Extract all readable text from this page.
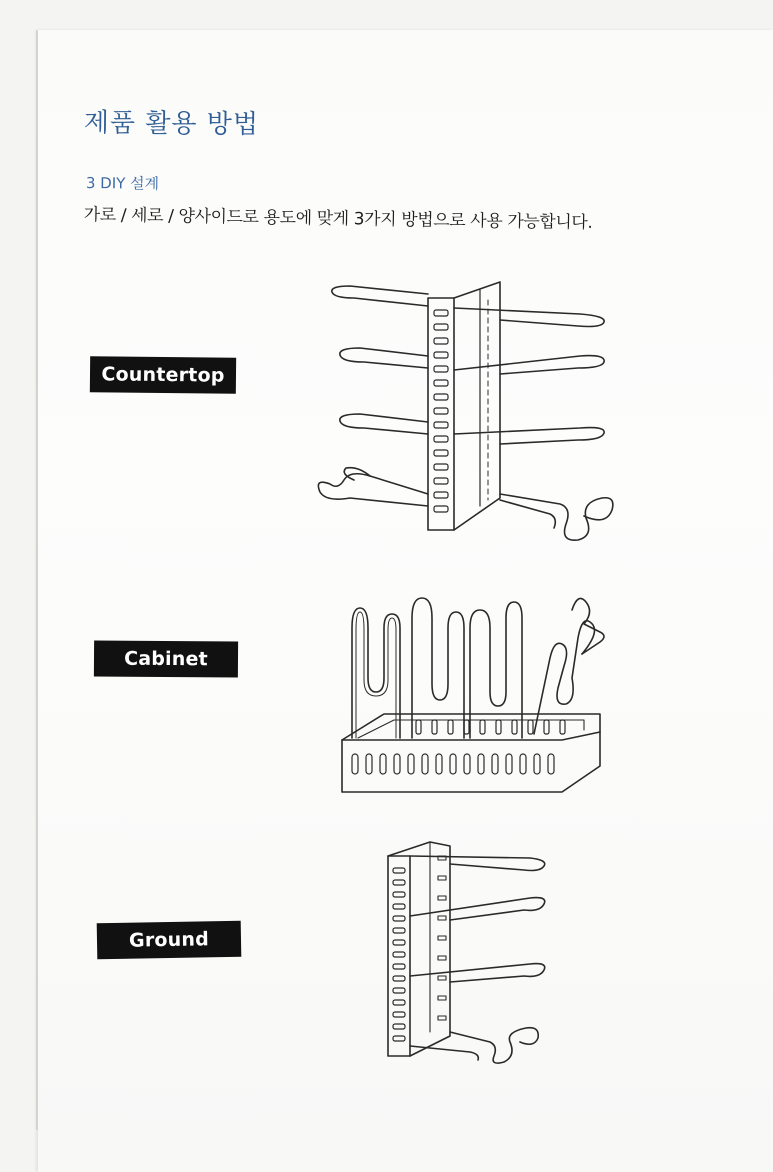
제품 활용 방법
3 DIY 설계
가로 / 세로 / 양사이드로 용도에 맞게 3가지 방법으로 사용 가능합니다.
Countertop
Cabinet
Ground
